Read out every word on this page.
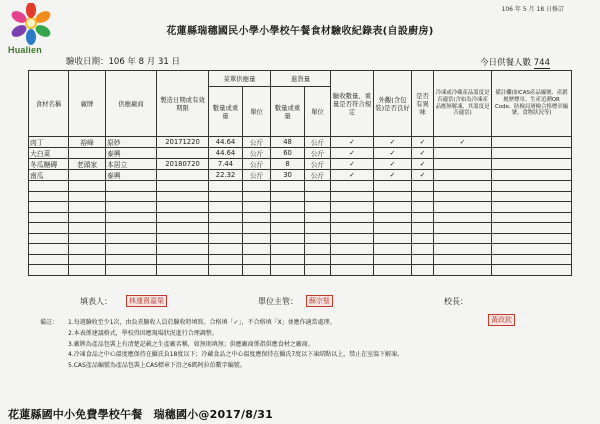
Hualien
106 年 5 月 18 日修訂
花蓮縣瑞穗國民小學小學校午餐食材驗收紀錄表(自設廚房)
驗收日期：106 年 8 月 31 日	今日供餐人數 744
食材名稱	廠牌	供應廠商	製造日期或有效期限	菜單供應量		進貨量		驗收數量、重量是否符合規定	外觀(含包裝)是否良好	是否有異味	冷凍或冷藏產品溫度是否適當(含如為冷凍產品應無解凍、其溫度是否適當)	備註欄(如CAS產品編號、產銷履歷標章、生產追溯QR Code、防檢局屠檢合格標章編號、食物狀況等)
				數量或重量	單位	數量或重量	單位					
肉丁	裕峰	原妙	20171220	44.64	公斤	48	公斤	✓	✓	✓	✓	
大白菜		泰興		44.64	公斤	60	公斤	✓	✓	✓		
冬瓜糖磚	老頭家	本居立	20180720	7.44	公斤	8	公斤	✓	✓	✓		
南瓜		泰興		22.32	公斤	30	公斤	✓	✓	✓		

填表人：	林運貴嘉榮	單位主管：	蘇宗聖	校長：
黃政欽
備註： 1.每週驗收至少1次，由負責驗收人員於驗收時填寫。合格填「✓」，不合格填「X」並應作適當處理。
2.本表係建議格式，學校得因應現場狀況進行合理調整。
3.廠牌為產品包裝上有清楚記載之生產廠名稱，如無則填無；供應廠商係指供應食材之廠商。
4.冷凍食品之中心溫度應保持在攝氏負18度以下；冷藏食品之中心溫度應保持在攝氏7度以下凍結點以上，禁止在室溫下解凍。
5.CAS產品編號為產品包裝上CAS標章下沿之6碼阿拉伯數字編號。
花蓮縣國中小免費學校午餐　瑞穗國小@2017/8/31
